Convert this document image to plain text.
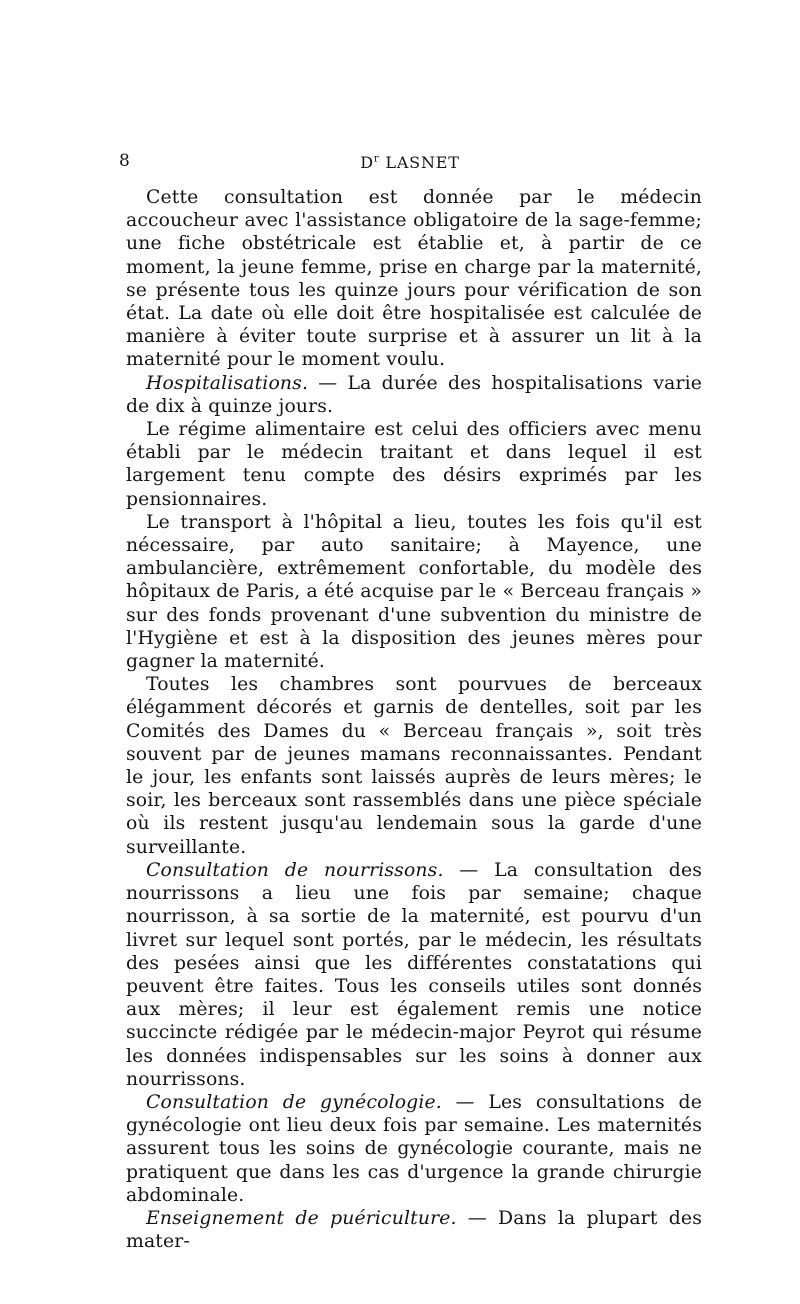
8	$D^r$ LASNET

Cette consultation est donnée par le médecin accoucheur avec l'assistance obligatoire de la sage-femme; une fiche obstétricale est établie et, à partir de ce moment, la jeune femme, prise en charge par la maternité, se présente tous les quinze jours pour vérification de son état. La date où elle doit être hospitalisée est calculée de manière à éviter toute surprise et à assurer un lit à la maternité pour le moment voulu.

Hospitalisations. — La durée des hospitalisations varie de dix à quinze jours.

Le régime alimentaire est celui des officiers avec menu établi par le médecin traitant et dans lequel il est largement tenu compte des désirs exprimés par les pensionnaires.

Le transport à l'hôpital a lieu, toutes les fois qu'il est nécessaire, par auto sanitaire; à Mayence, une ambulancière, extrêmement confortable, du modèle des hôpitaux de Paris, a été acquise par le « Berceau français » sur des fonds provenant d'une subvention du ministre de l'Hygiène et est à la disposition des jeunes mères pour gagner la maternité.

Toutes les chambres sont pourvues de berceaux élégamment décorés et garnis de dentelles, soit par les Comités des Dames du « Berceau français », soit très souvent par de jeunes mamans reconnaissantes. Pendant le jour, les enfants sont laissés auprès de leurs mères; le soir, les berceaux sont rassemblés dans une pièce spéciale où ils restent jusqu'au lendemain sous la garde d'une surveillante.

Consultation de nourrissons. — La consultation des nourrissons a lieu une fois par semaine; chaque nourrisson, à sa sortie de la maternité, est pourvu d'un livret sur lequel sont portés, par le médecin, les résultats des pesées ainsi que les différentes constatations qui peuvent être faites. Tous les conseils utiles sont donnés aux mères; il leur est également remis une notice succincte rédigée par le médecin-major Peyrot qui résume les données indispensables sur les soins à donner aux nourrissons.

Consultation de gynécologie. — Les consultations de gynécologie ont lieu deux fois par semaine. Les maternités assurent tous les soins de gynécologie courante, mais ne pratiquent que dans les cas d'urgence la grande chirurgie abdominale.

Enseignement de puériculture. — Dans la plupart des mater-
